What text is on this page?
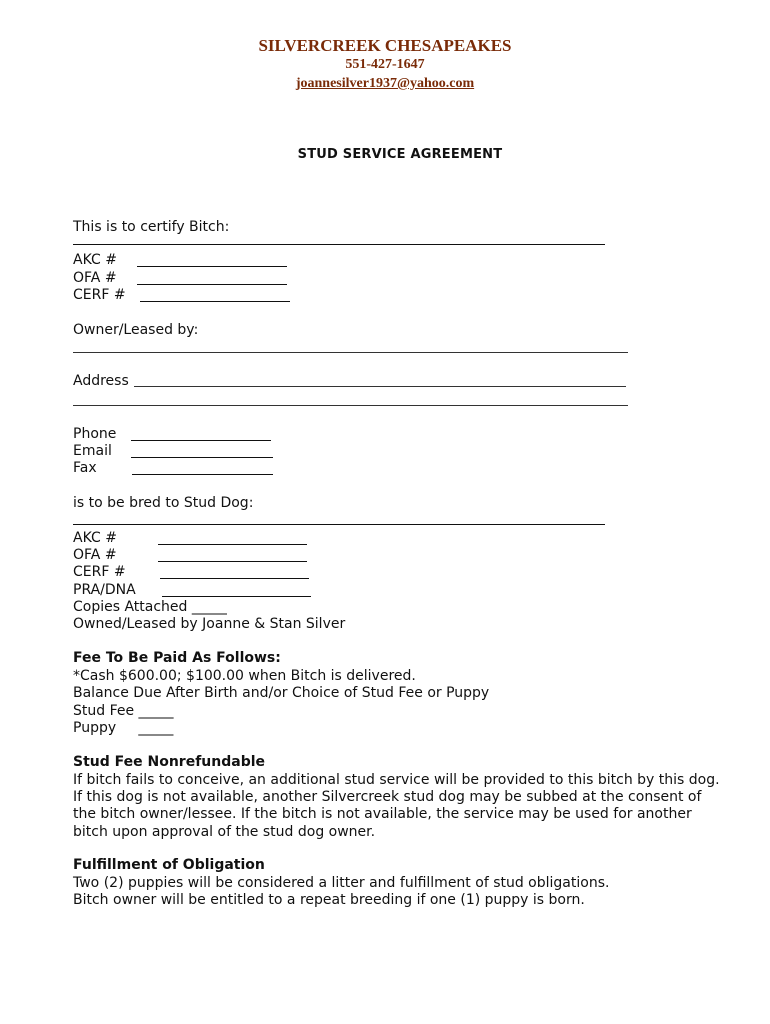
SILVERCREEK CHESAPEAKES
551-427-1647
joannesilver1937@yahoo.com
STUD SERVICE AGREEMENT
This is to certify Bitch:
AKC #
OFA #
CERF #
Owner/Leased by:
Address
Phone
Email
Fax
is to be bred to Stud Dog:
AKC #
OFA #
CERF #
PRA/DNA
Copies Attached _____
Owned/Leased by Joanne & Stan Silver
Fee To Be Paid As Follows:
*Cash $600.00; $100.00 when Bitch is delivered.
Balance Due After Birth and/or Choice of Stud Fee or Puppy
Stud Fee _____
Puppy     _____
Stud Fee Nonrefundable
If bitch fails to conceive, an additional stud service will be provided to this bitch by this dog.
If this dog is not available, another Silvercreek stud dog may be subbed at the consent of
the bitch owner/lessee. If the bitch is not available, the service may be used for another
bitch upon approval of the stud dog owner.
Fulfillment of Obligation
Two (2) puppies will be considered a litter and fulfillment of stud obligations.
Bitch owner will be entitled to a repeat breeding if one (1) puppy is born.
